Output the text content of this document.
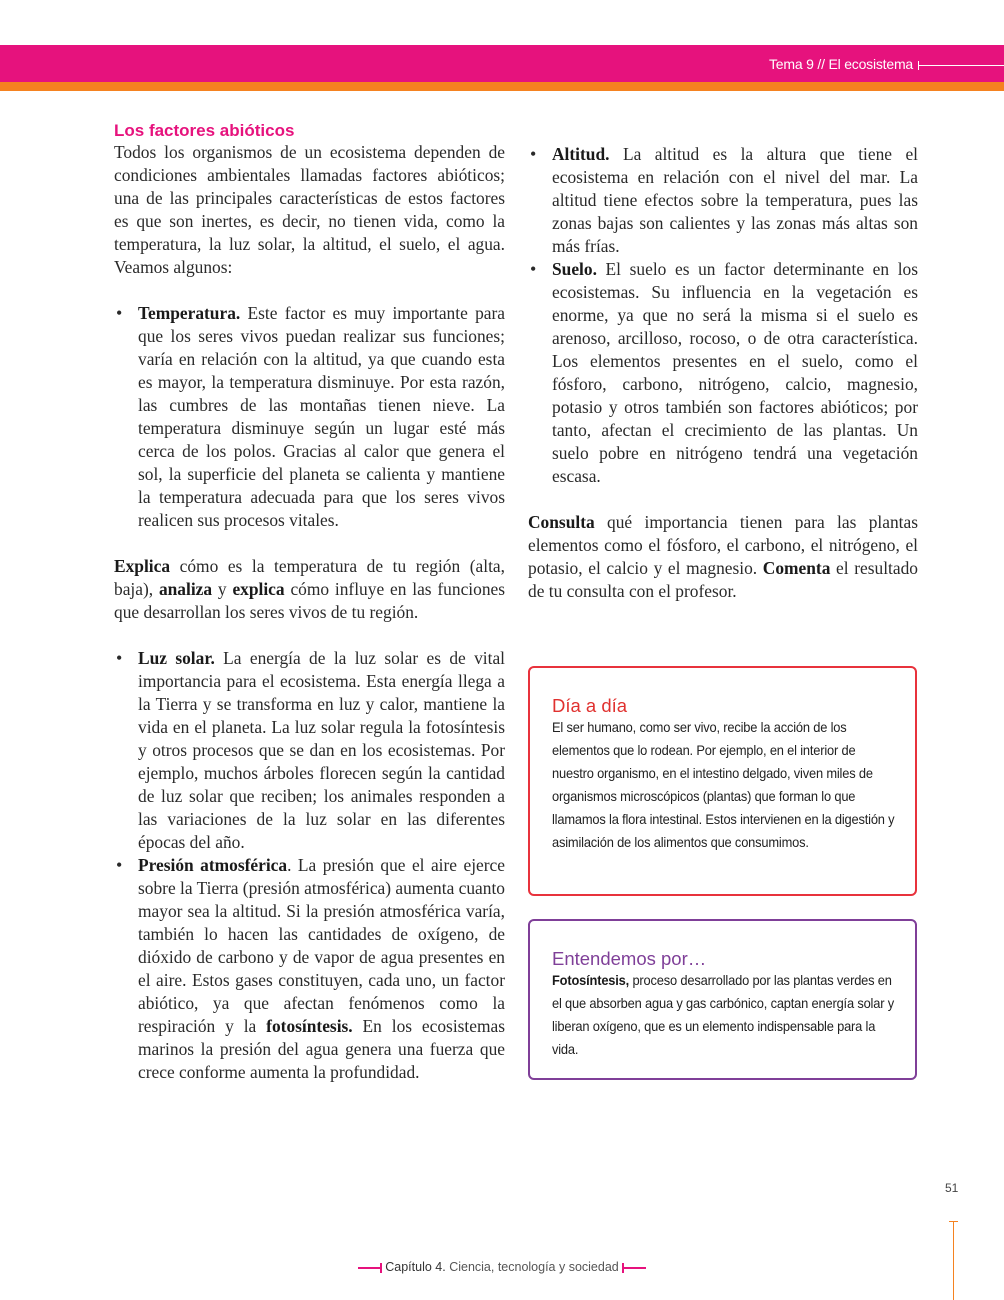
Tema 9 // El ecosistema
Los factores abióticos

Todos los organismos de un ecosistema dependen de condiciones ambientales llamadas factores abióticos; una de las principales características de estos factores es que son inertes, es decir, no tienen vida, como la temperatura, la luz solar, la altitud, el suelo, el agua. Veamos algunos:

• Temperatura. Este factor es muy importante para que los seres vivos puedan realizar sus funciones; varía en relación con la altitud, ya que cuando esta es mayor, la temperatura disminuye. Por esta razón, las cumbres de las montañas tienen nieve. La temperatura disminuye según un lugar esté más cerca de los polos. Gracias al calor que genera el sol, la superficie del planeta se calienta y mantiene la temperatura adecuada para que los seres vivos realicen sus procesos vitales.

Explica cómo es la temperatura de tu región (alta, baja), analiza y explica cómo influye en las funciones que desarrollan los seres vivos de tu región.

• Luz solar. La energía de la luz solar es de vital importancia para el ecosistema. Esta energía llega a la Tierra y se transforma en luz y calor, mantiene la vida en el planeta. La luz solar regula la fotosíntesis y otros procesos que se dan en los ecosistemas. Por ejemplo, muchos árboles florecen según la cantidad de luz solar que reciben; los animales responden a las variaciones de la luz solar en las diferentes épocas del año.
• Presión atmosférica. La presión que el aire ejerce sobre la Tierra (presión atmosférica) aumenta cuanto mayor sea la altitud. Si la presión atmosférica varía, también lo hacen las cantidades de oxígeno, de dióxido de carbono y de vapor de agua presentes en el aire. Estos gases constituyen, cada uno, un factor abiótico, ya que afectan fenómenos como la respiración y la fotosíntesis. En los ecosistemas marinos la presión del agua genera una fuerza que crece conforme aumenta la profundidad.
• Altitud. La altitud es la altura que tiene el ecosistema en relación con el nivel del mar. La altitud tiene efectos sobre la temperatura, pues las zonas bajas son calientes y las zonas más altas son más frías.
• Suelo. El suelo es un factor determinante en los ecosistemas. Su influencia en la vegetación es enorme, ya que no será la misma si el suelo es arenoso, arcilloso, rocoso, o de otra característica. Los elementos presentes en el suelo, como el fósforo, carbono, nitrógeno, calcio, magnesio, potasio y otros también son factores abióticos; por tanto, afectan el crecimiento de las plantas. Un suelo pobre en nitrógeno tendrá una vegetación escasa.

Consulta qué importancia tienen para las plantas elementos como el fósforo, el carbono, el nitrógeno, el potasio, el calcio y el magnesio. Comenta el resultado de tu consulta con el profesor.

Día a día
El ser humano, como ser vivo, recibe la acción de los elementos que lo rodean. Por ejemplo, en el interior de nuestro organismo, en el intestino delgado, viven miles de organismos microscópicos (plantas) que forman lo que llamamos la flora intestinal. Estos intervienen en la digestión y asimilación de los alimentos que consumimos.
Entendemos por…
Fotosíntesis, proceso desarrollado por las plantas verdes en el que absorben agua y gas carbónico, captan energía solar y liberan oxígeno, que es un elemento indispensable para la vida.
51
Capítulo 4. Ciencia, tecnología y sociedad
